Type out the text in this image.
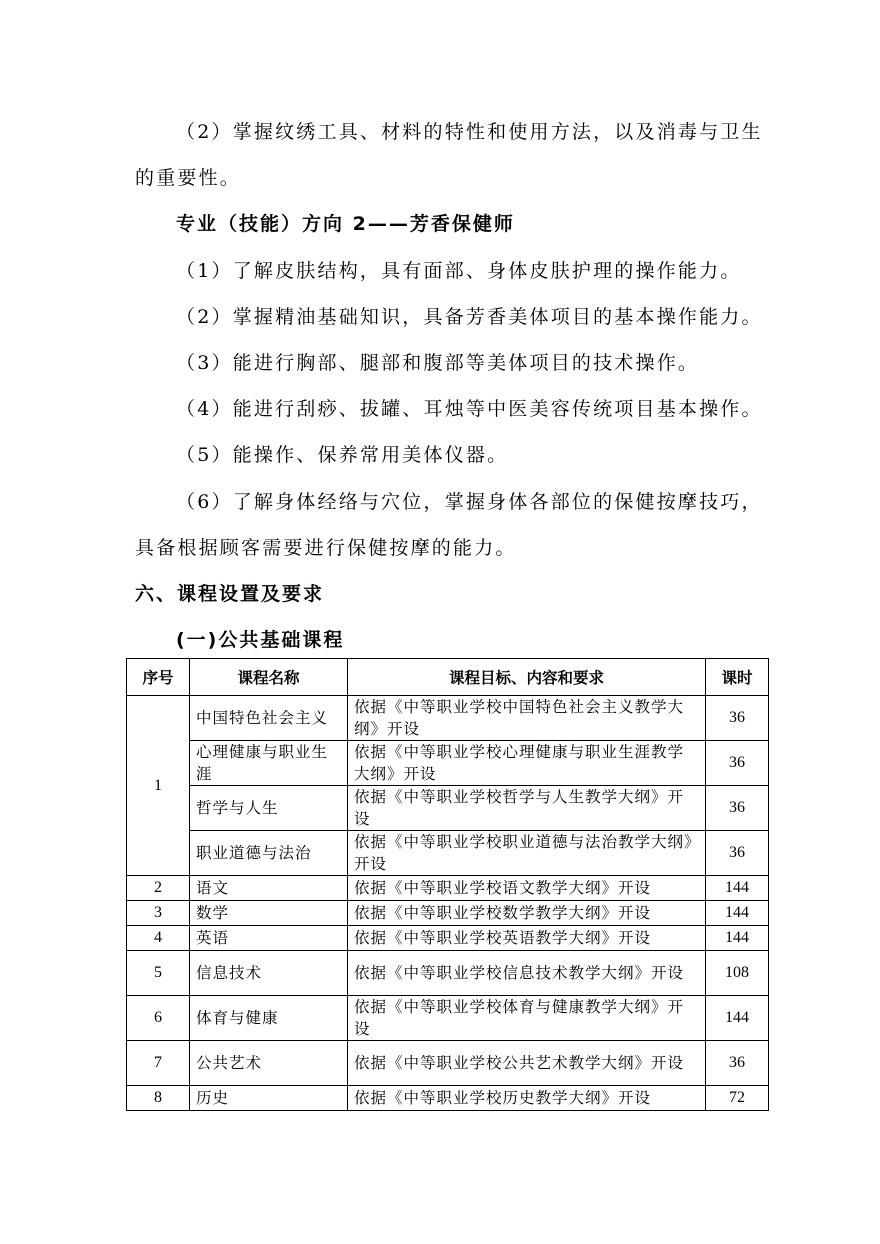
（2）掌握纹绣工具、材料的特性和使用方法，以及消毒与卫生
的重要性。
专业（技能）方向 2——芳香保健师
（1）了解皮肤结构，具有面部、身体皮肤护理的操作能力。
（2）掌握精油基础知识，具备芳香美体项目的基本操作能力。
（3）能进行胸部、腿部和腹部等美体项目的技术操作。
（4）能进行刮痧、拔罐、耳烛等中医美容传统项目基本操作。
（5）能操作、保养常用美体仪器。
（6）了解身体经络与穴位，掌握身体各部位的保健按摩技巧，
具备根据顾客需要进行保健按摩的能力。
六、课程设置及要求
(一)公共基础课程
序号	课程名称	课程目标、内容和要求	课时
1	中国特色社会主义	依据《中等职业学校中国特色社会主义教学大纲》开设	36
	心理健康与职业生涯	依据《中等职业学校心理健康与职业生涯教学大纲》开设	36
	哲学与人生	依据《中等职业学校哲学与人生教学大纲》开设	36
	职业道德与法治	依据《中等职业学校职业道德与法治教学大纲》开设	36
2	语文	依据《中等职业学校语文教学大纲》开设	144
3	数学	依据《中等职业学校数学教学大纲》开设	144
4	英语	依据《中等职业学校英语教学大纲》开设	144
5	信息技术	依据《中等职业学校信息技术教学大纲》开设	108
6	体育与健康	依据《中等职业学校体育与健康教学大纲》开设	144
7	公共艺术	依据《中等职业学校公共艺术教学大纲》开设	36
8	历史	依据《中等职业学校历史教学大纲》开设	72
